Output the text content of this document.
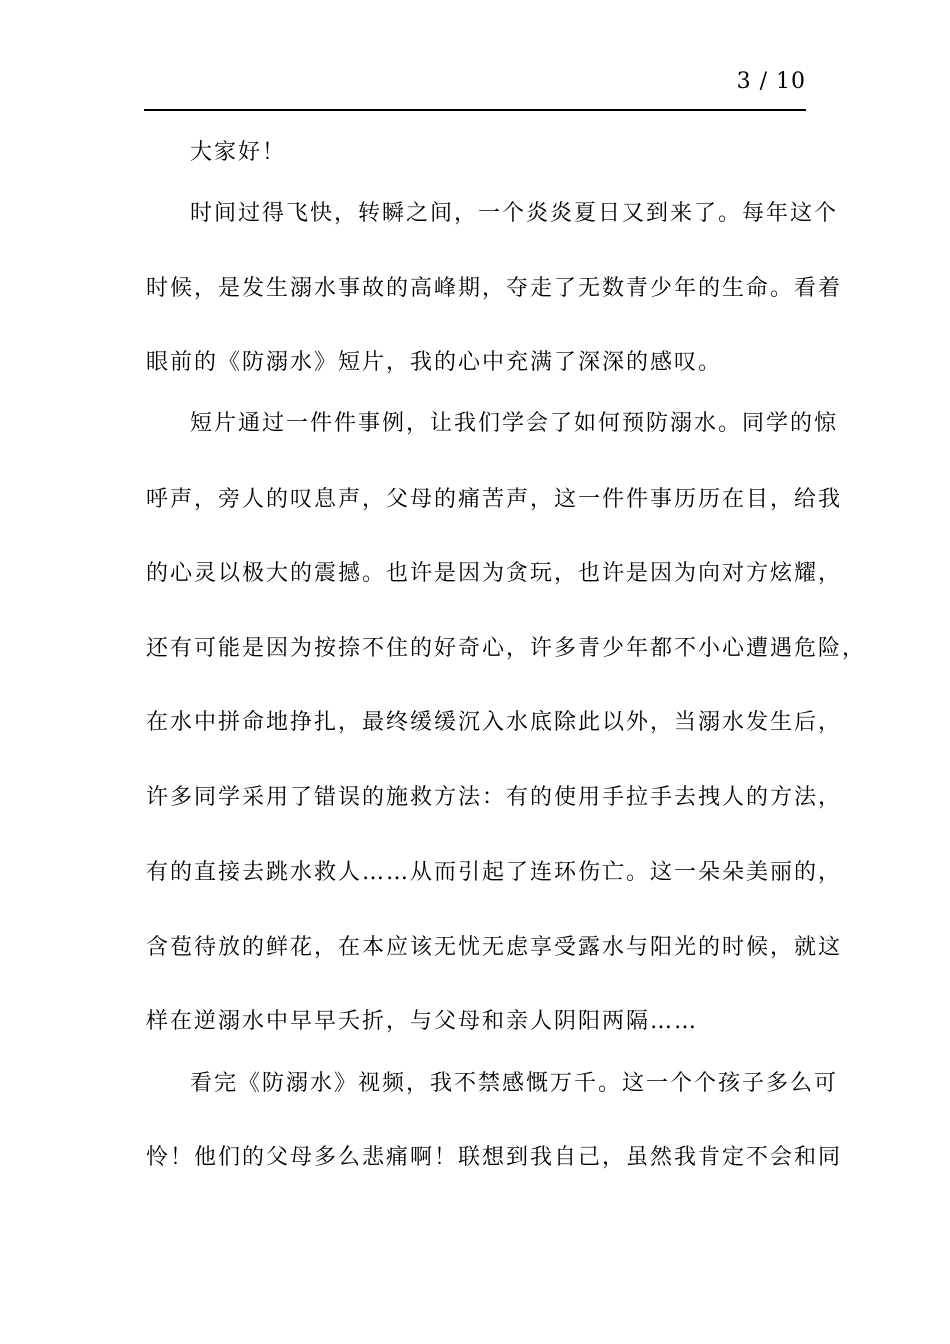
3 / 10
大家好！
时间过得飞快，转瞬之间，一个炎炎夏日又到来了。每年这个
时候，是发生溺水事故的高峰期，夺走了无数青少年的生命。看着
眼前的《防溺水》短片，我的心中充满了深深的感叹。
短片通过一件件事例，让我们学会了如何预防溺水。同学的惊
呼声，旁人的叹息声，父母的痛苦声，这一件件事历历在目，给我
的心灵以极大的震撼。也许是因为贪玩，也许是因为向对方炫耀，
还有可能是因为按捺不住的好奇心，许多青少年都不小心遭遇危险，
在水中拼命地挣扎，最终缓缓沉入水底除此以外，当溺水发生后，
许多同学采用了错误的施救方法：有的使用手拉手去拽人的方法，
有的直接去跳水救人……从而引起了连环伤亡。这一朵朵美丽的，
含苞待放的鲜花，在本应该无忧无虑享受露水与阳光的时候，就这
样在逆溺水中早早夭折，与父母和亲人阴阳两隔……
看完《防溺水》视频，我不禁感慨万千。这一个个孩子多么可
怜！他们的父母多么悲痛啊！联想到我自己，虽然我肯定不会和同
